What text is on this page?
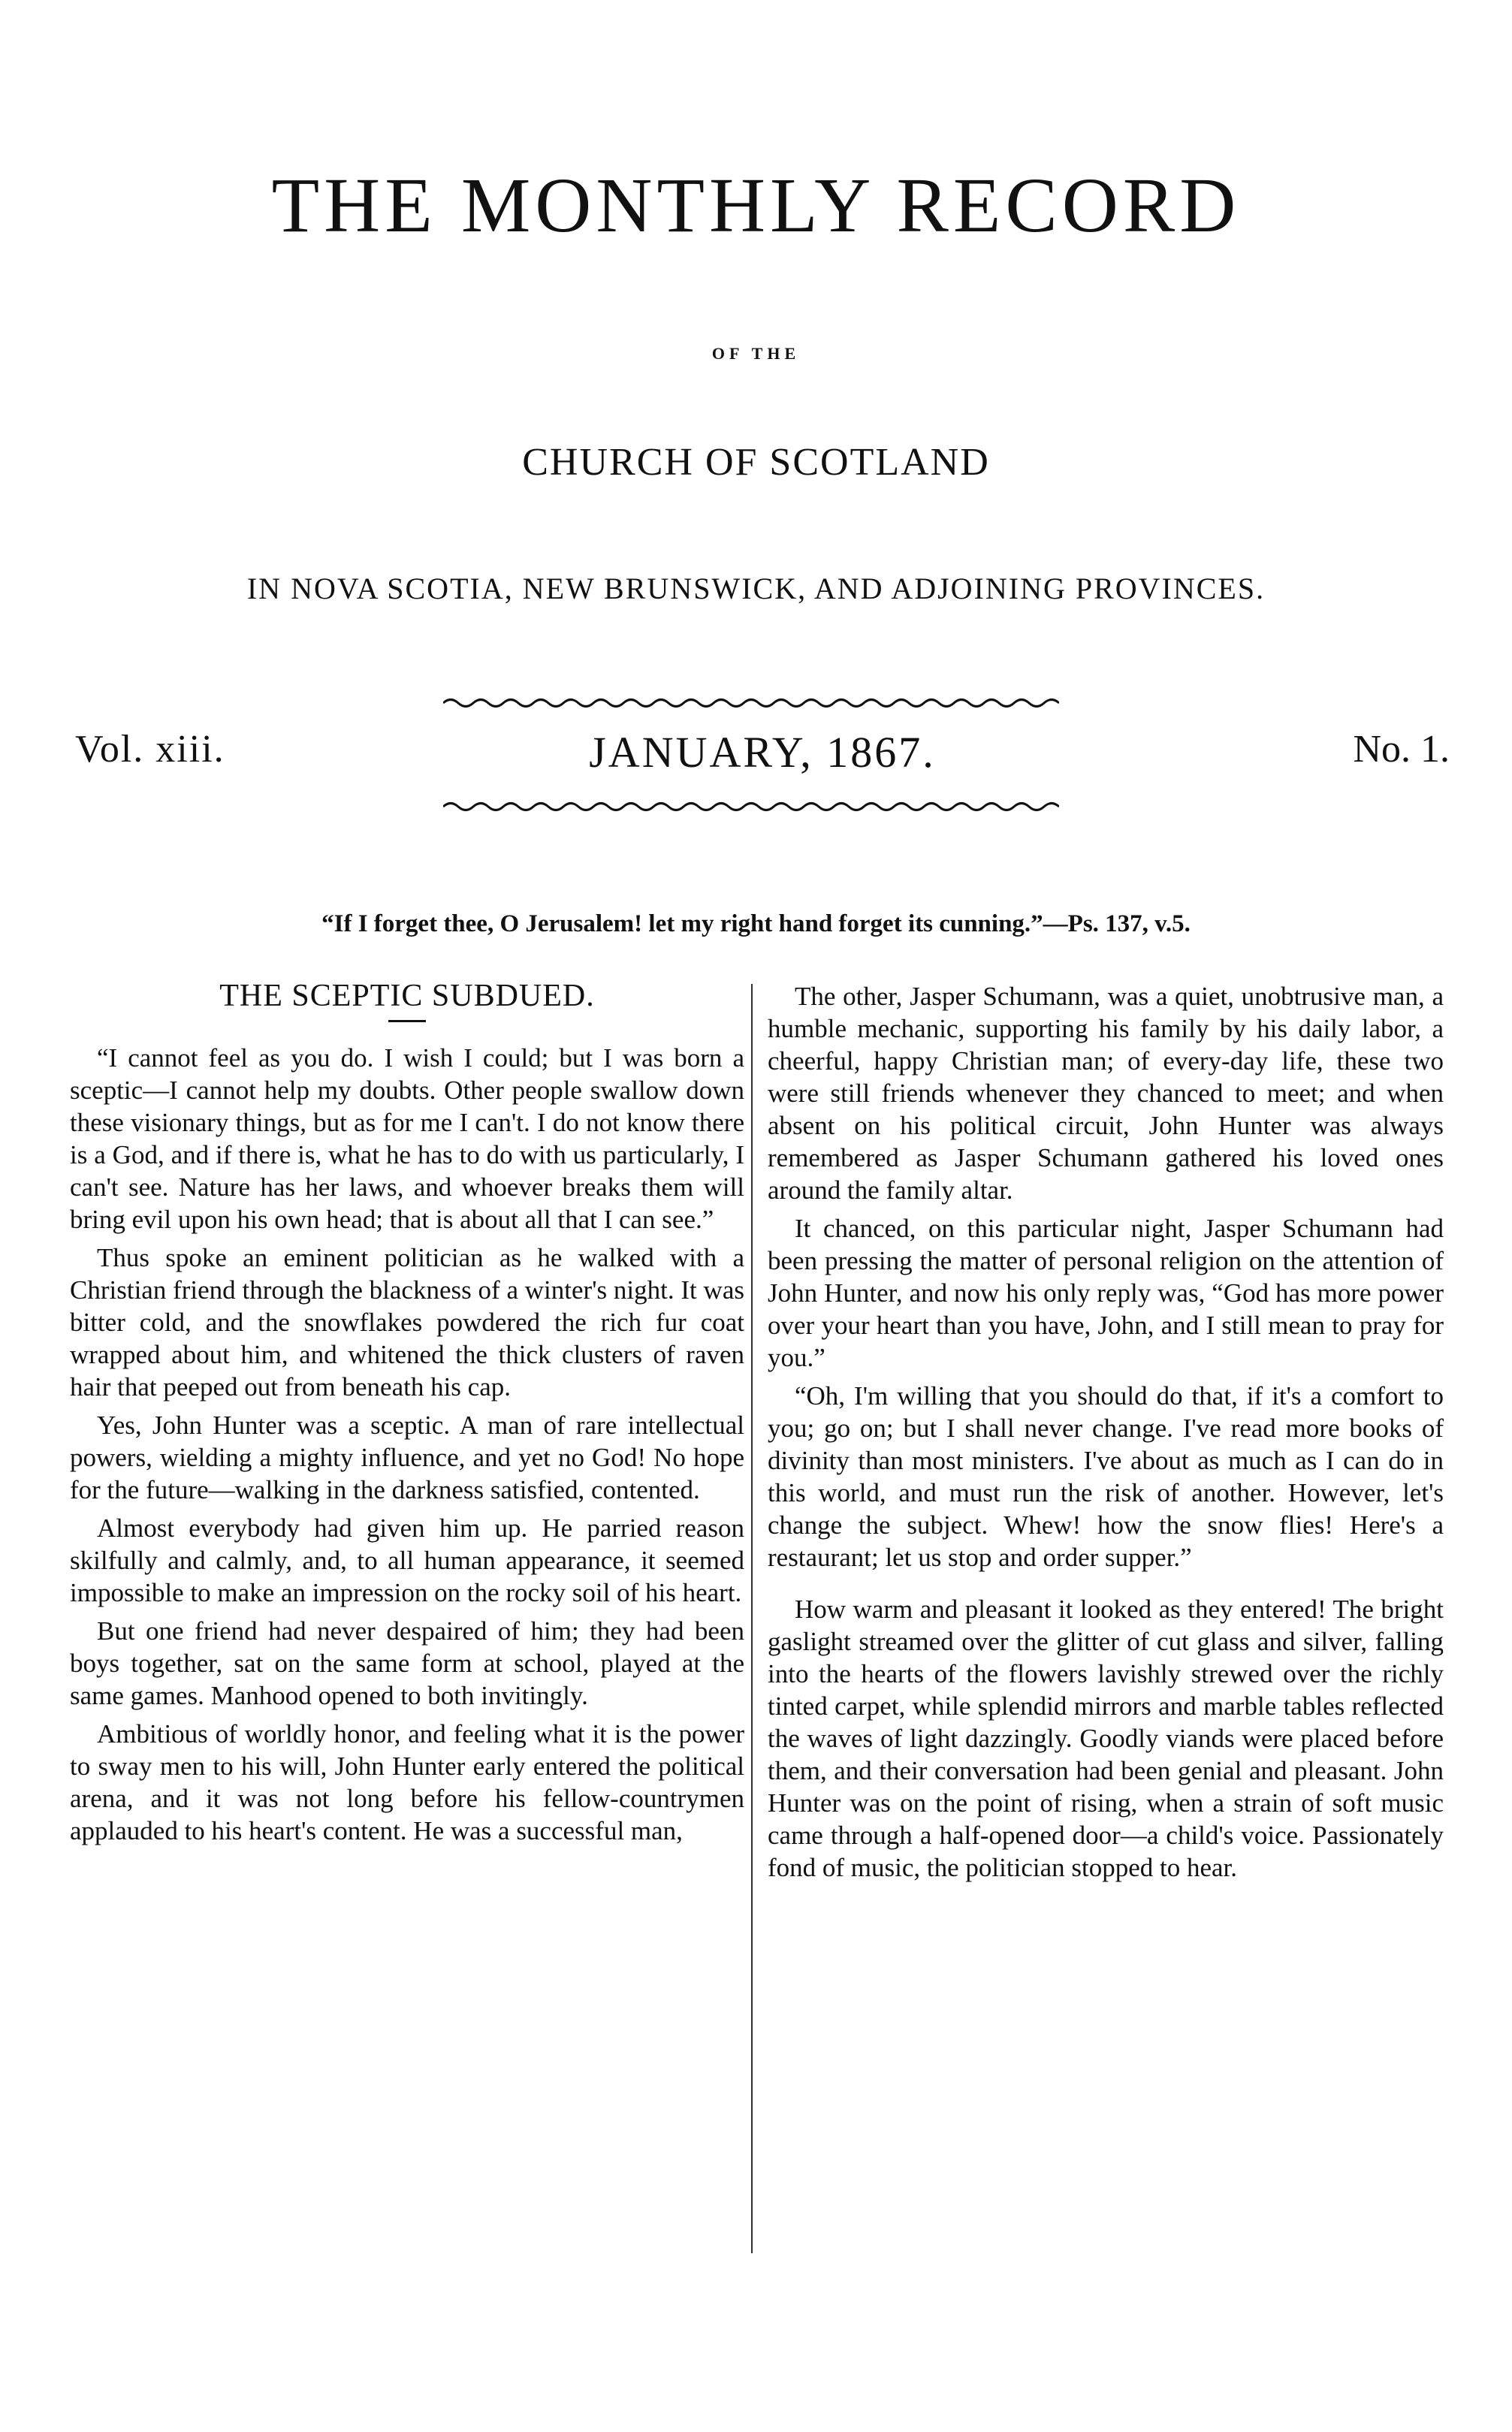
THE MONTHLY RECORD
OF THE
CHURCH OF SCOTLAND
IN NOVA SCOTIA, NEW BRUNSWICK, AND ADJOINING PROVINCES.
Vol. xiii.	JANUARY, 1867.	No. 1.
“If I forget thee, O Jerusalem! let my right hand forget its cunning.”—Ps. 137, v.5.
THE SCEPTIC SUBDUED.

“I cannot feel as you do. I wish I could; but I was born a sceptic—I cannot help my doubts. Other people swallow down these visionary things, but as for me I can't. I do not know there is a God, and if there is, what he has to do with us particularly, I can't see. Nature has her laws, and whoever breaks them will bring evil upon his own head; that is about all that I can see.”

Thus spoke an eminent politician as he walked with a Christian friend through the blackness of a winter's night. It was bitter cold, and the snowflakes powdered the rich fur coat wrapped about him, and whitened the thick clusters of raven hair that peeped out from beneath his cap.

Yes, John Hunter was a sceptic. A man of rare intellectual powers, wielding a mighty influence, and yet no God! No hope for the future—walking in the darkness satisfied, contented.

Almost everybody had given him up. He parried reason skilfully and calmly, and, to all human appearance, it seemed impossible to make an impression on the rocky soil of his heart.

But one friend had never despaired of him; they had been boys together, sat on the same form at school, played at the same games. Manhood opened to both invitingly.

Ambitious of worldly honor, and feeling what it is the power to sway men to his will, John Hunter early entered the political arena, and it was not long before his fellow-countrymen applauded to his heart's content. He was a successful man,

The other, Jasper Schumann, was a quiet, unobtrusive man, a humble mechanic, supporting his family by his daily labor, a cheerful, happy Christian man; of every-day life, these two were still friends whenever they chanced to meet; and when absent on his political circuit, John Hunter was always remembered as Jasper Schumann gathered his loved ones around the family altar.

It chanced, on this particular night, Jasper Schumann had been pressing the matter of personal religion on the attention of John Hunter, and now his only reply was, “God has more power over your heart than you have, John, and I still mean to pray for you.”

“Oh, I'm willing that you should do that, if it's a comfort to you; go on; but I shall never change. I've read more books of divinity than most ministers. I've about as much as I can do in this world, and must run the risk of another. However, let's change the subject. Whew! how the snow flies! Here's a restaurant; let us stop and order supper.”

How warm and pleasant it looked as they entered! The bright gaslight streamed over the glitter of cut glass and silver, falling into the hearts of the flowers lavishly strewed over the richly tinted carpet, while splendid mirrors and marble tables reflected the waves of light dazzingly. Goodly viands were placed before them, and their conversation had been genial and pleasant. John Hunter was on the point of rising, when a strain of soft music came through a half-opened door—a child's voice. Passionately fond of music, the politician stopped to hear.
